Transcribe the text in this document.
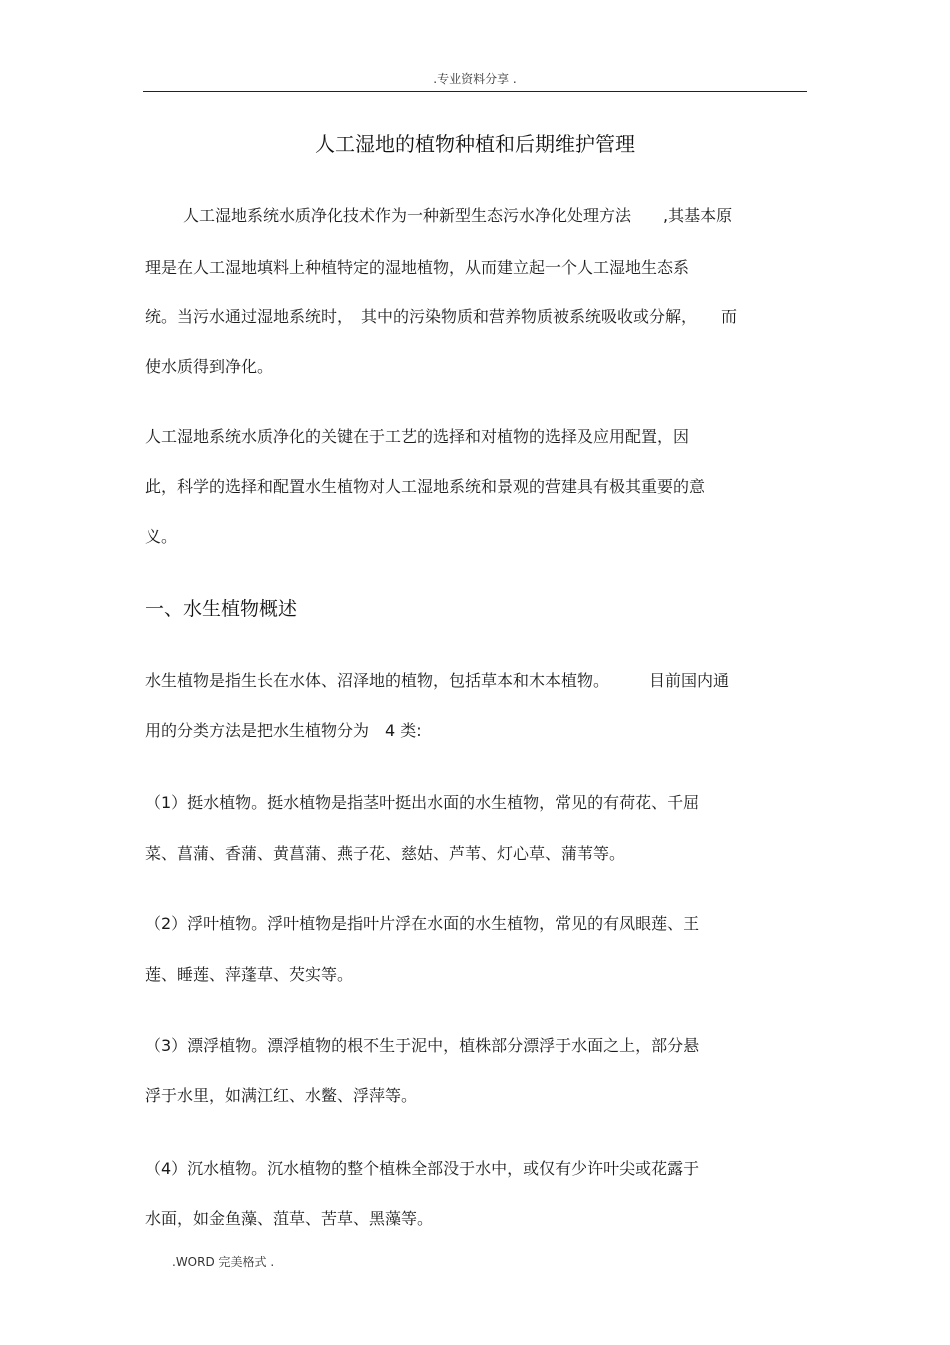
.专业资料分享 .
人工湿地的植物种植和后期维护管理
人工湿地系统水质净化技术作为一种新型生态污水净化处理方法　　,其基本原
理是在人工湿地填料上种植特定的湿地植物，从而建立起一个人工湿地生态系
统。当污水通过湿地系统时，　其中的污染物质和营养物质被系统吸收或分解，　　而
使水质得到净化。
人工湿地系统水质净化的关键在于工艺的选择和对植物的选择及应用配置，因
此，科学的选择和配置水生植物对人工湿地系统和景观的营建具有极其重要的意
义。
一、水生植物概述
水生植物是指生长在水体、沼泽地的植物，包括草本和木本植物。　　　目前国内通
用的分类方法是把水生植物分为　4 类:
（1）挺水植物。挺水植物是指茎叶挺出水面的水生植物，常见的有荷花、千屈
菜、菖蒲、香蒲、黄菖蒲、燕子花、慈姑、芦苇、灯心草、蒲苇等。
（2）浮叶植物。浮叶植物是指叶片浮在水面的水生植物，常见的有凤眼莲、王
莲、睡莲、萍蓬草、芡实等。
（3）漂浮植物。漂浮植物的根不生于泥中，植株部分漂浮于水面之上，部分悬
浮于水里，如满江红、水鳖、浮萍等。
（4）沉水植物。沉水植物的整个植株全部没于水中，或仅有少许叶尖或花露于
水面，如金鱼藻、菹草、苦草、黑藻等。
.WORD 完美格式 .
